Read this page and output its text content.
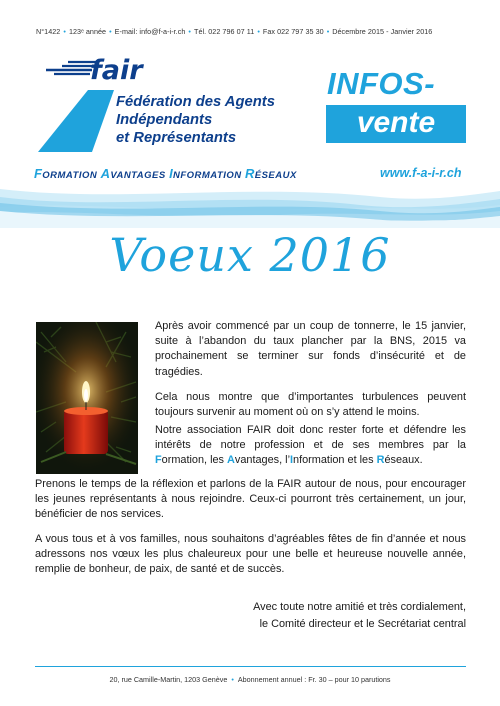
N°1422 • 123ᵉ année • E-mail: info@f-a-i-r.ch • Tél. 022 796 07 11 • Fax 022 797 35 30 • Décembre 2015 - Janvier 2016
fair
Fédération des Agents
Indépendants
et Représentants
INFOS-
vente
FORMATION AVANTAGES INFORMATION RÉSEAUX	www.f-a-i-r.ch
Voeux 2016
Après avoir commencé par un coup de tonnerre, le 15 janvier, suite à l’abandon du taux plancher par la BNS, 2015 va prochainement se terminer sur fonds d’insécurité et de tragédies.
Cela nous montre que d’importantes turbulences peuvent toujours survenir au moment où on s’y attend le moins.
Notre association FAIR doit donc rester forte et défendre les intérêts de notre profession et de ses membres par la Formation, les Avantages, l’Information et les Réseaux.
Prenons le temps de la réflexion et parlons de la FAIR autour de nous, pour encourager les jeunes représentants à nous rejoindre. Ceux-ci pourront très certainement, un jour, bénéficier de nos services.
A vous tous et à vos familles, nous souhaitons d’agréables fêtes de fin d’année et nous adressons nos vœux les plus chaleureux pour une belle et heureuse nouvelle année, remplie de bonheur, de paix, de santé et de succès.
Avec toute notre amitié et très cordialement,
le Comité directeur et le Secrétariat central
20, rue Camille-Martin, 1203 Genève • Abonnement annuel : Fr. 30 – pour 10 parutions
